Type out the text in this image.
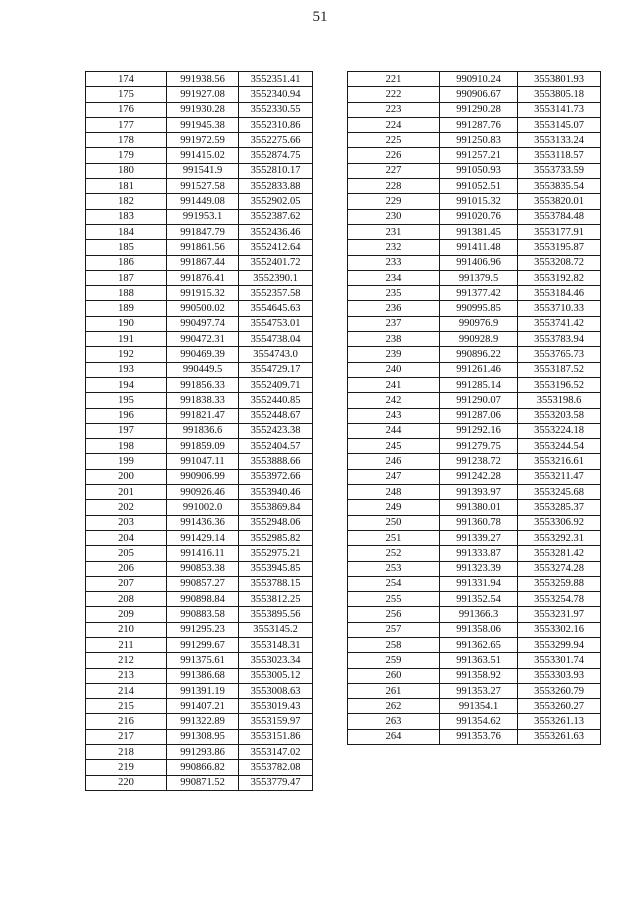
51
174	991938.56	3552351.41
175	991927.08	3552340.94
176	991930.28	3552330.55
177	991945.38	3552310.86
178	991972.59	3552275.66
179	991415.02	3552874.75
180	991541.9	3552810.17
181	991527.58	3552833.88
182	991449.08	3552902.05
183	991953.1	3552387.62
184	991847.79	3552436.46
185	991861.56	3552412.64
186	991867.44	3552401.72
187	991876.41	3552390.1
188	991915.32	3552357.58
189	990500.02	3554645.63
190	990497.74	3554753.01
191	990472.31	3554738.04
192	990469.39	3554743.0
193	990449.5	3554729.17
194	991856.33	3552409.71
195	991838.33	3552440.85
196	991821.47	3552448.67
197	991836.6	3552423.38
198	991859.09	3552404.57
199	991047.11	3553888.66
200	990906.99	3553972.66
201	990926.46	3553940.46
202	991002.0	3553869.84
203	991436.36	3552948.06
204	991429.14	3552985.82
205	991416.11	3552975.21
206	990853.38	3553945.85
207	990857.27	3553788.15
208	990898.84	3553812.25
209	990883.58	3553895.56
210	991295.23	3553145.2
211	991299.67	3553148.31
212	991375.61	3553023.34
213	991386.68	3553005.12
214	991391.19	3553008.63
215	991407.21	3553019.43
216	991322.89	3553159.97
217	991308.95	3553151.86
218	991293.86	3553147.02
219	990866.82	3553782.08
220	990871.52	3553779.47
221	990910.24	3553801.93
222	990906.67	3553805.18
223	991290.28	3553141.73
224	991287.76	3553145.07
225	991250.83	3553133.24
226	991257.21	3553118.57
227	991050.93	3553733.59
228	991052.51	3553835.54
229	991015.32	3553820.01
230	991020.76	3553784.48
231	991381.45	3553177.91
232	991411.48	3553195.87
233	991406.96	3553208.72
234	991379.5	3553192.82
235	991377.42	3553184.46
236	990995.85	3553710.33
237	990976.9	3553741.42
238	990928.9	3553783.94
239	990896.22	3553765.73
240	991261.46	3553187.52
241	991285.14	3553196.52
242	991290.07	3553198.6
243	991287.06	3553203.58
244	991292.16	3553224.18
245	991279.75	3553244.54
246	991238.72	3553216.61
247	991242.28	3553211.47
248	991393.97	3553245.68
249	991380.01	3553285.37
250	991360.78	3553306.92
251	991339.27	3553292.31
252	991333.87	3553281.42
253	991323.39	3553274.28
254	991331.94	3553259.88
255	991352.54	3553254.78
256	991366.3	3553231.97
257	991358.06	3553302.16
258	991362.65	3553299.94
259	991363.51	3553301.74
260	991358.92	3553303.93
261	991353.27	3553260.79
262	991354.1	3553260.27
263	991354.62	3553261.13
264	991353.76	3553261.63
